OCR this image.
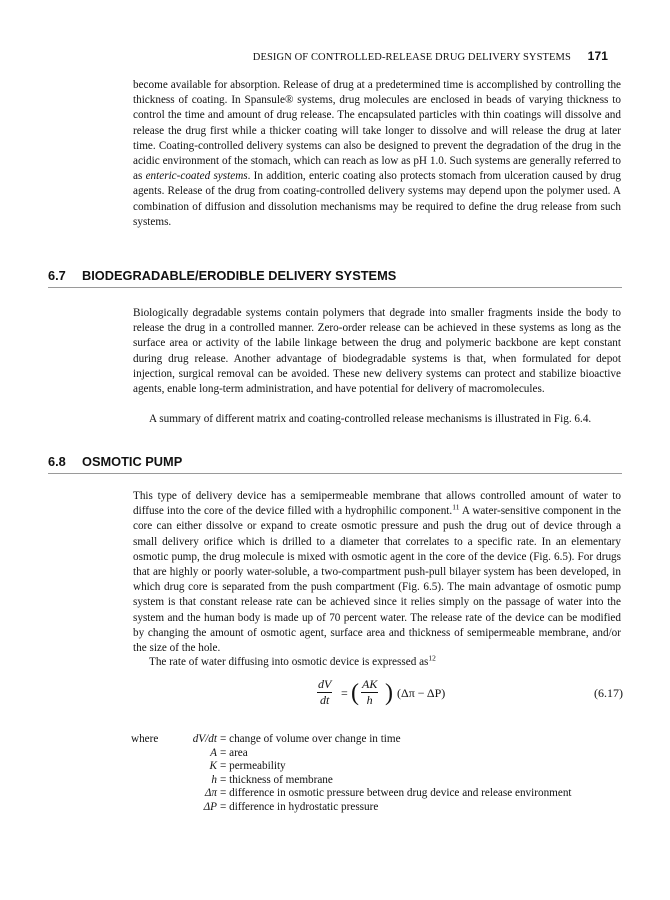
DESIGN OF CONTROLLED-RELEASE DRUG DELIVERY SYSTEMS 171

become available for absorption. Release of drug at a predetermined time is accomplished by controlling the thickness of coating. In Spansule® systems, drug molecules are enclosed in beads of varying thickness to control the time and amount of drug release. The encapsulated particles with thin coatings will dissolve and release the drug first while a thicker coating will take longer to dissolve and will release the drug at later time. Coating-controlled delivery systems can also be designed to prevent the degradation of the drug in the acidic environment of the stomach, which can reach as low as pH 1.0. Such systems are generally referred to as enteric-coated systems. In addition, enteric coating also protects stomach from ulceration caused by drug agents. Release of the drug from coating-controlled delivery systems may depend upon the polymer used. A combination of diffusion and dissolution mechanisms may be required to define the drug release from such systems.

6.7 BIODEGRADABLE/ERODIBLE DELIVERY SYSTEMS

Biologically degradable systems contain polymers that degrade into smaller fragments inside the body to release the drug in a controlled manner. Zero-order release can be achieved in these systems as long as the surface area or activity of the labile linkage between the drug and polymeric backbone are kept constant during drug release. Another advantage of biodegradable systems is that, when formulated for depot injection, surgical removal can be avoided. These new delivery systems can protect and stabilize bioactive agents, enable long-term administration, and have potential for delivery of macromolecules.

A summary of different matrix and coating-controlled release mechanisms is illustrated in Fig. 6.4.

6.8 OSMOTIC PUMP

This type of delivery device has a semipermeable membrane that allows controlled amount of water to diffuse into the core of the device filled with a hydrophilic component.$^{11}$ A water-sensitive component in the core can either dissolve or expand to create osmotic pressure and push the drug out of device through a small delivery orifice which is drilled to a diameter that correlates to a specific rate. In an elementary osmotic pump, the drug molecule is mixed with osmotic agent in the core of the device (Fig. 6.5). For drugs that are highly or poorly water-soluble, a two-compartment push-pull bilayer system has been developed, in which drug core is separated from the push compartment (Fig. 6.5). The main advantage of osmotic pump system is that constant release rate can be achieved since it relies simply on the passage of water into the system and the human body is made up of 70 percent water. The release rate of the device can be modified by changing the amount of osmotic agent, surface area and thickness of semipermeable membrane, and/or the size of the hole.

The rate of water diffusing into osmotic device is expressed $as^{12}$

$\frac{dV}{dt}$ = ( $\frac{AK}{h}$ ) (Δπ − ΔP)	(6.17)
where	dV/dt = change of volume over change in time
A = area
K = permeability
h = thickness of membrane
Δπ = difference in osmotic pressure between drug device and release environment
ΔP = difference in hydrostatic pressure
